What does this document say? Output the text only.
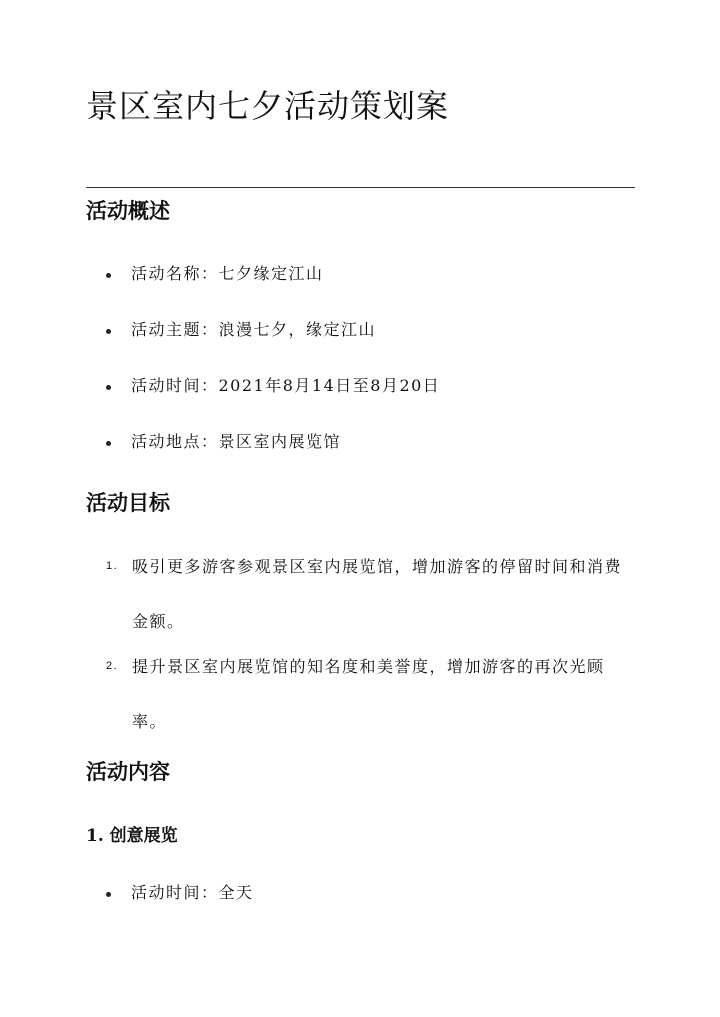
景区室内七夕活动策划案
活动概述
活动名称：七夕缘定江山
活动主题：浪漫七夕，缘定江山
活动时间：2021年8月14日至8月20日
活动地点：景区室内展览馆
活动目标
1. 吸引更多游客参观景区室内展览馆，增加游客的停留时间和消费金额。
2. 提升景区室内展览馆的知名度和美誉度，增加游客的再次光顾率。
活动内容
1. 创意展览
活动时间：全天
